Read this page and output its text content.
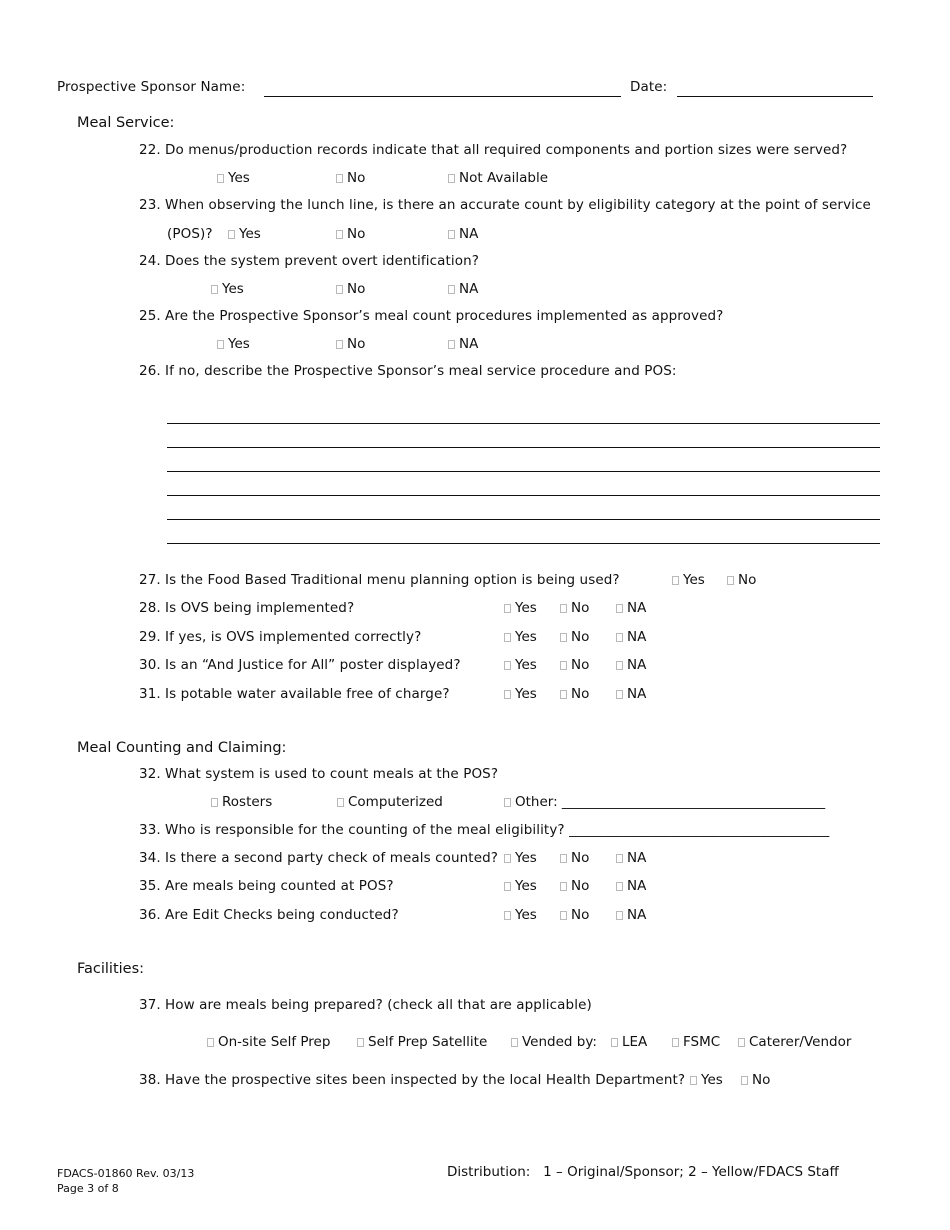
Prospective Sponsor Name:	Date:
Meal Service:
22. Do menus/production records indicate that all required components and portion sizes were served?
Yes	No	Not Available
23. When observing the lunch line, is there an accurate count by eligibility category at the point of service
(POS)? Yes	No	NA
24. Does the system prevent overt identification?
Yes	No	NA
25. Are the Prospective Sponsor’s meal count procedures implemented as approved?
Yes	No	NA
26. If no, describe the Prospective Sponsor’s meal service procedure and POS:
27. Is the Food Based Traditional menu planning option is being used?	Yes No
28. Is OVS being implemented?	Yes	No	NA
29. If yes, is OVS implemented correctly?	Yes	No	NA
30. Is an “And Justice for All” poster displayed?	Yes	No	NA
31. Is potable water available free of charge?	Yes	No	NA
Meal Counting and Claiming:
32. What system is used to count meals at the POS?
Rosters	Computerized	Other: _______________________________________
33. Who is responsible for the counting of the meal eligibility? ______________________________________
34. Is there a second party check of meals counted? Yes	No	NA
35. Are meals being counted at POS?	Yes	No	NA
36. Are Edit Checks being conducted?	Yes	No	NA
Facilities:
37. How are meals being prepared? (check all that are applicable)
On-site Self Prep	Self Prep Satellite	Vended by: LEA	FSMC Caterer/Vendor
38. Have the prospective sites been inspected by the local Health Department? Yes No
FDACS-01860 Rev. 03/13
Page 3 of 8
Distribution:   1 – Original/Sponsor; 2 – Yellow/FDACS Staff
